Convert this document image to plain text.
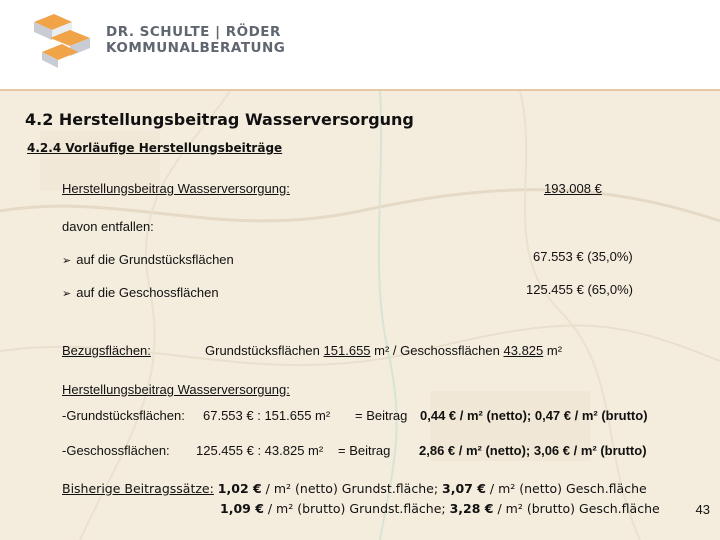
DR. SCHULTE | RÖDER
KOMMUNALBERATUNG
4.2 Herstellungsbeitrag Wasserversorgung
4.2.4 Vorläufige Herstellungsbeiträge
Herstellungsbeitrag Wasserversorgung:	193.008 €
davon entfallen:
➢ auf die Grundstücksflächen	67.553 € (35,0%)
➢ auf die Geschossflächen	125.455 € (65,0%)
Bezugsflächen:	Grundstücksflächen 151.655 m² / Geschossflächen 43.825 m²
Herstellungsbeitrag Wasserversorgung:
-Grundstücksflächen: 67.553 € : 151.655 m² = Beitrag 0,44 € / m² (netto); 0,47 € / m² (brutto)
-Geschossflächen: 125.455 € : 43.825 m² = Beitrag 2,86 € / m² (netto); 3,06 € / m² (brutto)
Bisherige Beitragssätze: 1,02 € / m² (netto) Grundst.fläche; 3,07 € / m² (netto) Gesch.fläche
1,09 € / m² (brutto) Grundst.fläche; 3,28 € / m² (brutto) Gesch.fläche	43
